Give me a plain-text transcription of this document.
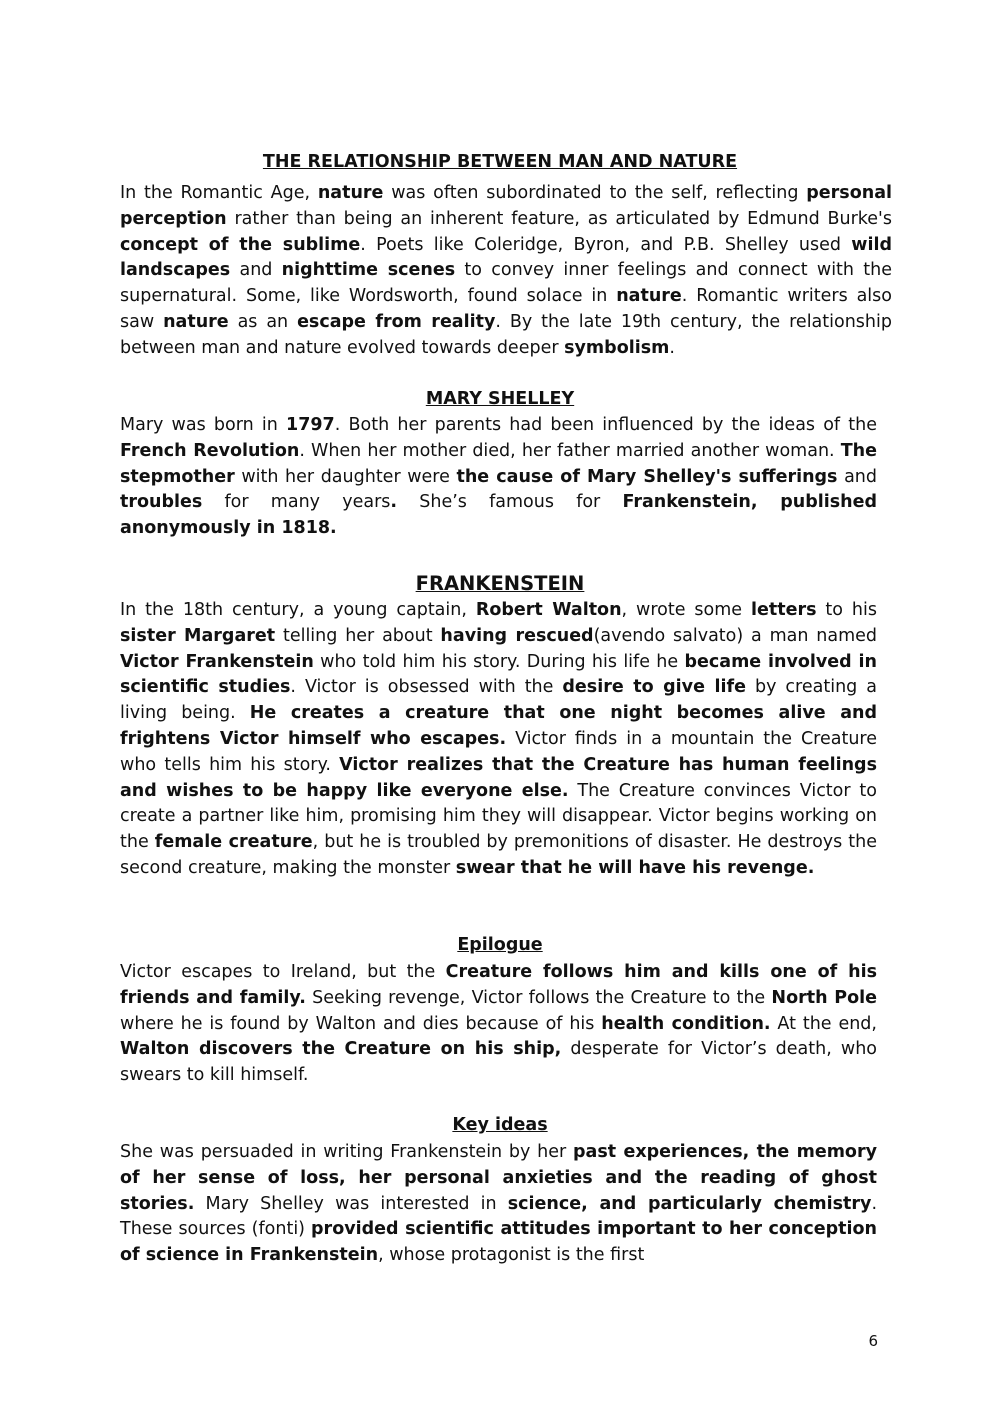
THE RELATIONSHIP BETWEEN MAN AND NATURE

In the Romantic Age, nature was often subordinated to the self, reflecting personal perception rather than being an inherent feature, as articulated by Edmund Burke's concept of the sublime. Poets like Coleridge, Byron, and P.B. Shelley used wild landscapes and nighttime scenes to convey inner feelings and connect with the supernatural. Some, like Wordsworth, found solace in nature. Romantic writers also saw nature as an escape from reality. By the late 19th century, the relationship between man and nature evolved towards deeper symbolism.

MARY SHELLEY

Mary was born in 1797. Both her parents had been influenced by the ideas of the French Revolution. When her mother died, her father married another woman. The stepmother with her daughter were the cause of Mary Shelley's sufferings and troubles for many years. She’s famous for Frankenstein, published anonymously in 1818.

FRANKENSTEIN

In the 18th century, a young captain, Robert Walton, wrote some letters to his sister Margaret telling her about having rescued(avendo salvato) a man named Victor Frankenstein who told him his story. During his life he became involved in scientific studies. Victor is obsessed with the desire to give life by creating a living being. He creates a creature that one night becomes alive and frightens Victor himself who escapes. Victor finds in a mountain the Creature who tells him his story. Victor realizes that the Creature has human feelings and wishes to be happy like everyone else. The Creature convinces Victor to create a partner like him, promising him they will disappear. Victor begins working on the female creature, but he is troubled by premonitions of disaster. He destroys the second creature, making the monster swear that he will have his revenge.

Epilogue

Victor escapes to Ireland, but the Creature follows him and kills one of his friends and family. Seeking revenge, Victor follows the Creature to the North Pole where he is found by Walton and dies because of his health condition. At the end, Walton discovers the Creature on his ship, desperate for Victor’s death, who swears to kill himself.

Key ideas

She was persuaded in writing Frankenstein by her past experiences, the memory of her sense of loss, her personal anxieties and the reading of ghost stories. Mary Shelley was interested in science, and particularly chemistry. These sources (fonti) provided scientific attitudes important to her conception of science in Frankenstein, whose protagonist is the first

6
